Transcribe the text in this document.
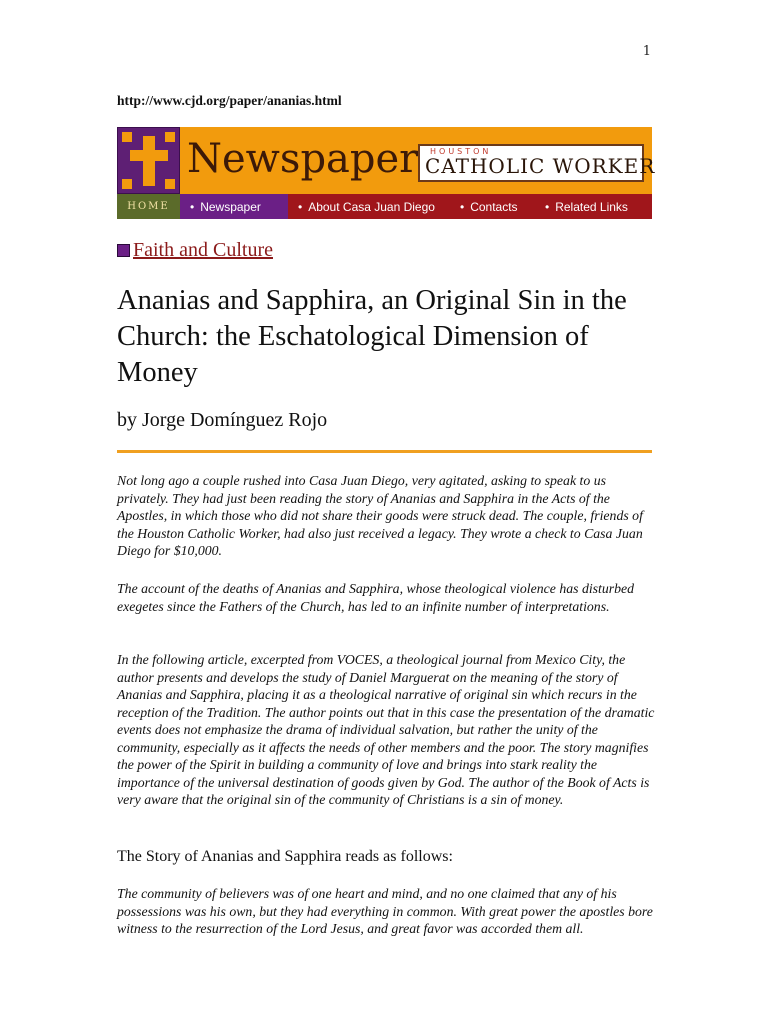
1
http://www.cjd.org/paper/ananias.html
Newspaper HOUSTON
CATHOLIC WORKER
HOME	• Newspaper	• About Casa Juan Diego • Contacts • Related Links
Faith and Culture
Ananias and Sapphira, an Original Sin in the Church: the Eschatological Dimension of Money
by Jorge Domínguez Rojo

Not long ago a couple rushed into Casa Juan Diego, very agitated, asking to speak to us privately. They had just been reading the story of Ananias and Sapphira in the Acts of the Apostles, in which those who did not share their goods were struck dead. The couple, friends of the Houston Catholic Worker, had also just received a legacy. They wrote a check to Casa Juan Diego for $10,000.

The account of the deaths of Ananias and Sapphira, whose theological violence has disturbed exegetes since the Fathers of the Church, has led to an infinite number of interpretations.

In the following article, excerpted from VOCES, a theological journal from Mexico City, the author presents and develops the study of Daniel Marguerat on the meaning of the story of Ananias and Sapphira, placing it as a theological narrative of original sin which recurs in the reception of the Tradition. The author points out that in this case the presentation of the dramatic events does not emphasize the drama of individual salvation, but rather the unity of the community, especially as it affects the needs of other members and the poor. The story magnifies the power of the Spirit in building a community of love and brings into stark reality the importance of the universal destination of goods given by God. The author of the Book of Acts is very aware that the original sin of the community of Christians is a sin of money.

The Story of Ananias and Sapphira reads as follows:

The community of believers was of one heart and mind, and no one claimed that any of his possessions was his own, but they had everything in common. With great power the apostles bore witness to the resurrection of the Lord Jesus, and great favor was accorded them all.
